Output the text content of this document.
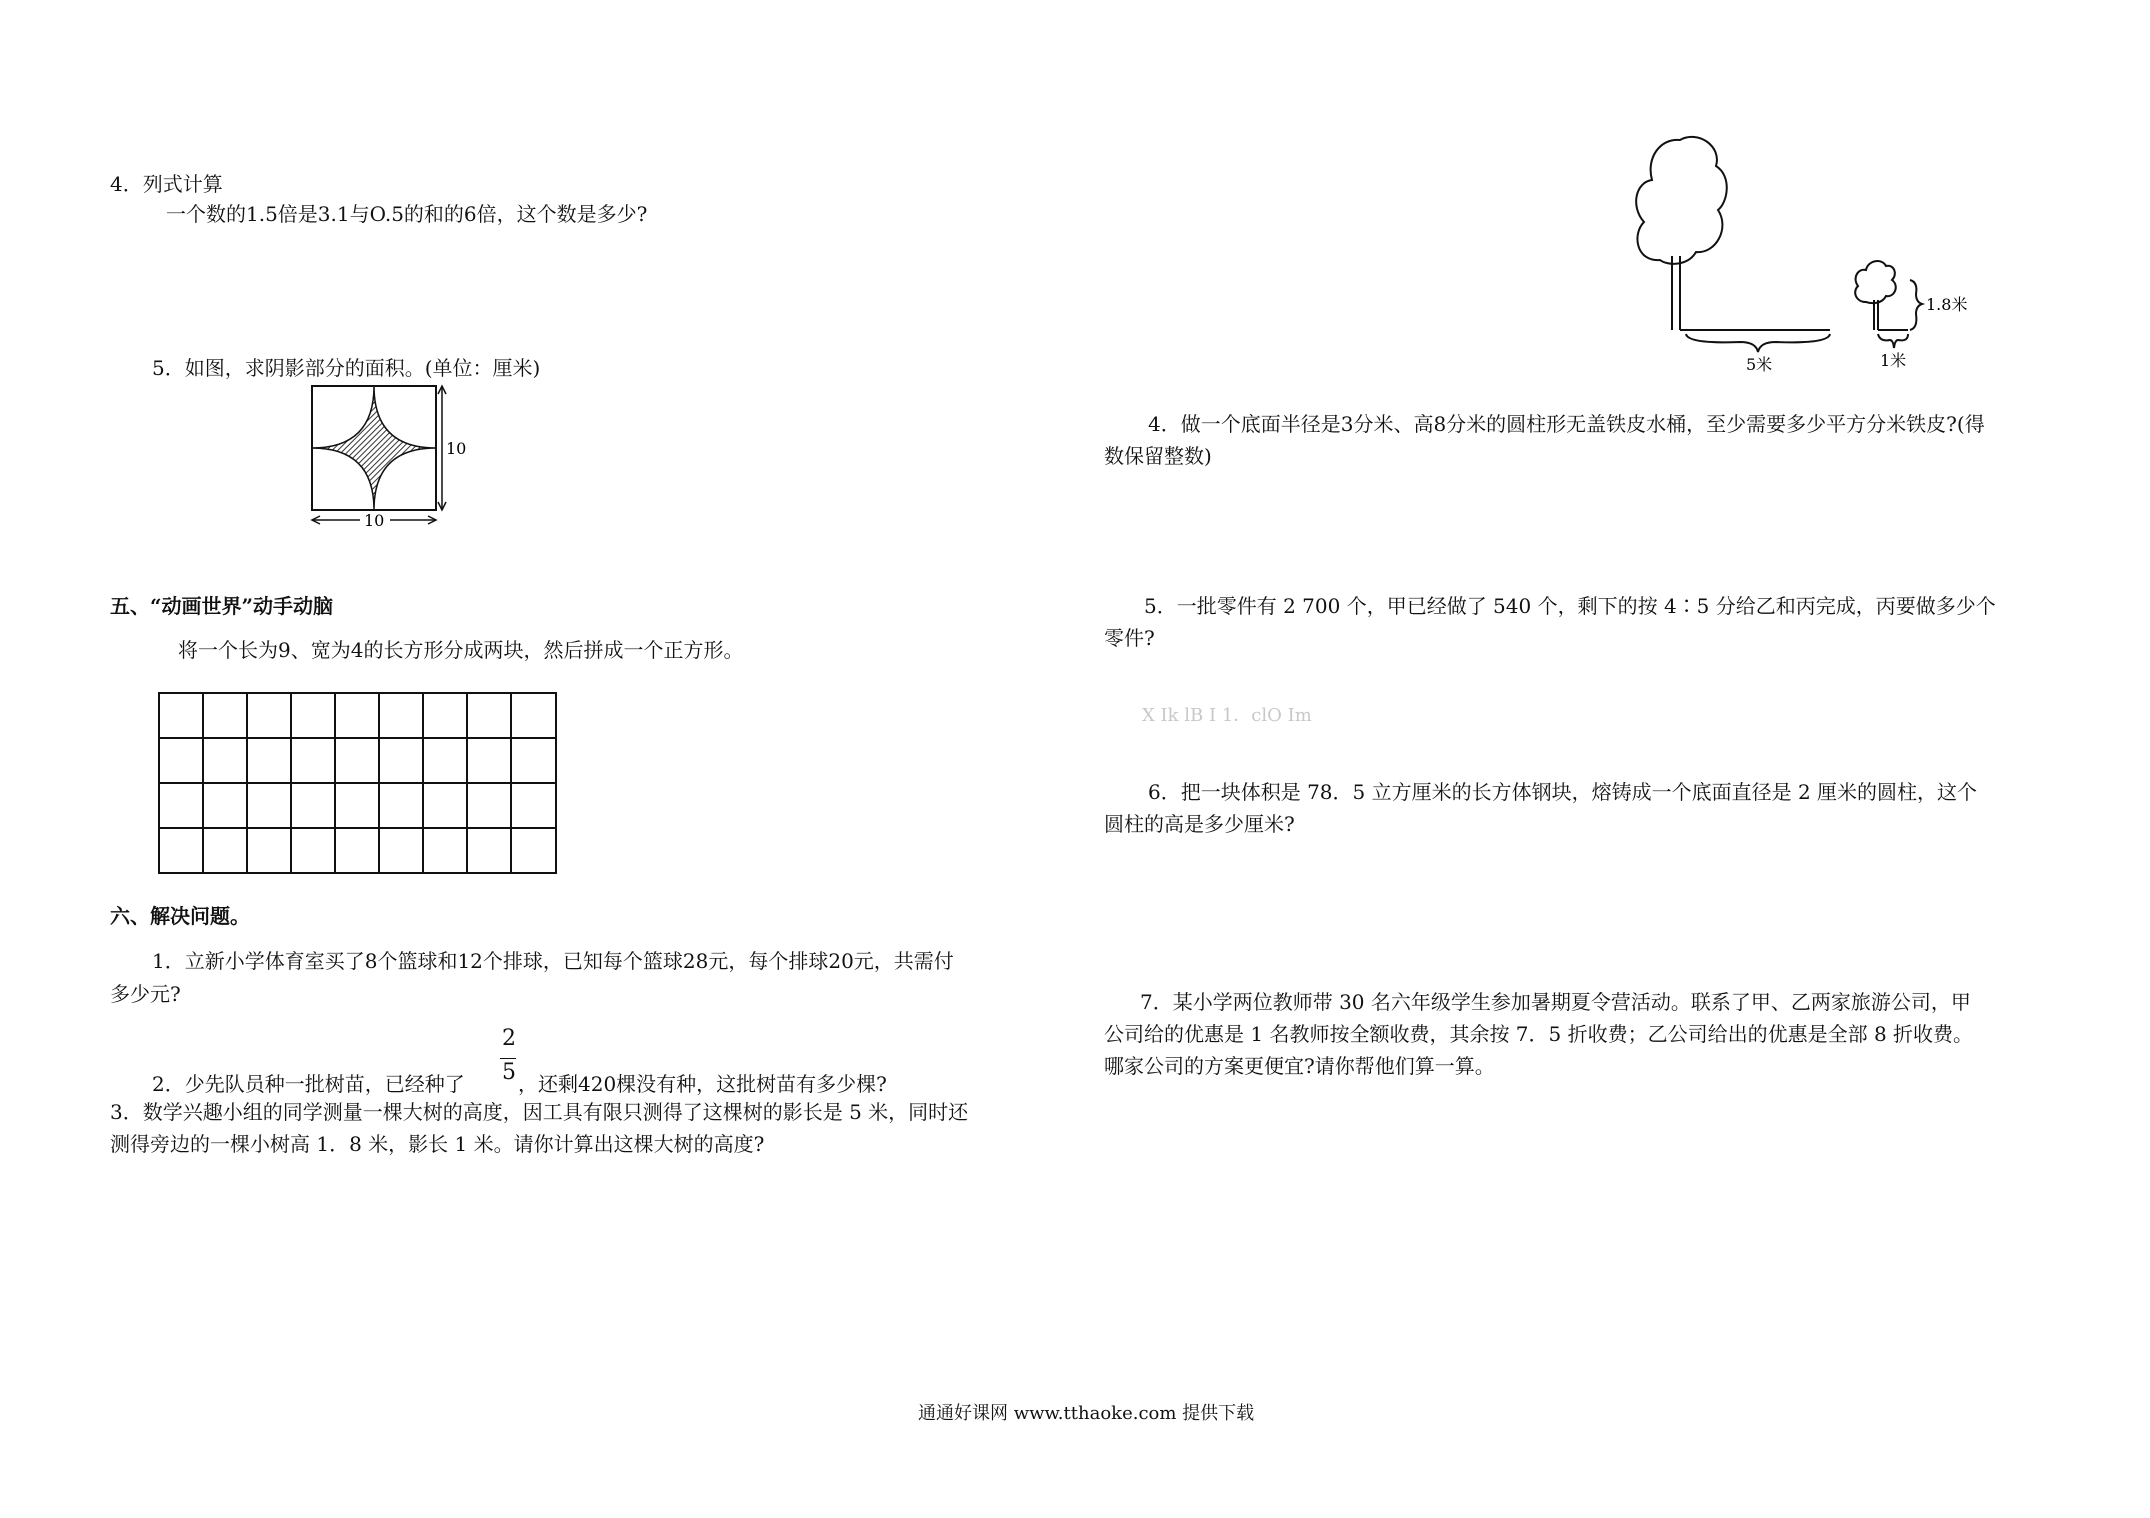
4．列式计算
一个数的1.5倍是3.1与O.5的和的6倍，这个数是多少?
5．如图，求阴影部分的面积。(单位：厘米)
10
10
五、“动画世界”动手动脑
将一个长为9、宽为4的长方形分成两块，然后拼成一个正方形。
六、解决问题。
1．立新小学体育室买了8个篮球和12个排球，已知每个篮球28元，每个排球20元，共需付
多少元?
2．少先队员种一批树苗，已经种了
2
5 ，还剩420棵没有种，这批树苗有多少棵?
3．数学兴趣小组的同学测量一棵大树的高度，因工具有限只测得了这棵树的影长是 5 米，同时还
测得旁边的一棵小树高 1．8 米，影长 1 米。请你计算出这棵大树的高度?
5米	1米
1.8米
4．做一个底面半径是3分米、高8分米的圆柱形无盖铁皮水桶，至少需要多少平方分米铁皮?(得
数保留整数)
5．一批零件有 2 700 个，甲已经做了 540 个，剩下的按 4∶5 分给乙和丙完成，丙要做多少个
零件?
X Ik lB I 1．clO Im
6．把一块体积是 78．5 立方厘米的长方体钢块，熔铸成一个底面直径是 2 厘米的圆柱，这个
圆柱的高是多少厘米?
7．某小学两位教师带 30 名六年级学生参加暑期夏令营活动。联系了甲、乙两家旅游公司，甲
公司给的优惠是 1 名教师按全额收费，其余按 7．5 折收费；乙公司给出的优惠是全部 8 折收费。
哪家公司的方案更便宜?请你帮他们算一算。
通通好课网 www.tthaoke.com 提供下载
